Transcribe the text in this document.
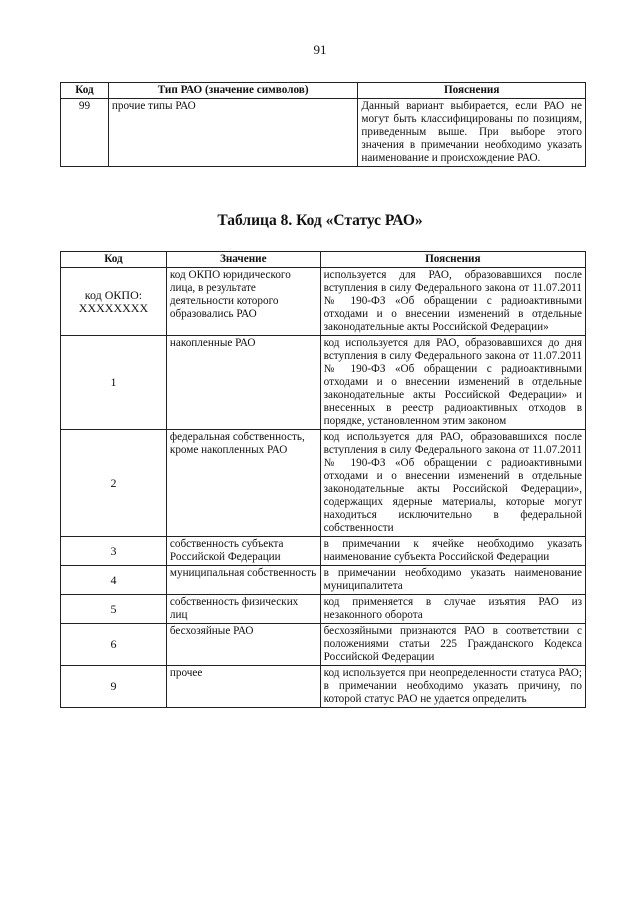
91
Код	Тип РАО (значение символов)	Пояснения
99	прочие типы РАО	Данный вариант выбирается, если РАО не могут быть классифицированы по позициям, приведенным выше. При выборе этого значения в примечании необходимо указать наименование и происхождение РАО.
Таблица 8. Код «Статус РАО»
Код	Значение	Пояснения
код ОКПО: ХХХХХХХХ	код ОКПО юридического лица, в результате деятельности которого образовались РАО	используется для РАО, образовавшихся после вступления в силу Федерального закона от 11.07.2011 № 190-ФЗ «Об обращении с радиоактивными отходами и о внесении изменений в отдельные законодательные акты Российской Федерации»
1	накопленные РАО	код используется для РАО, образовавшихся до дня вступления в силу Федерального закона от 11.07.2011 № 190-ФЗ «Об обращении с радиоактивными отходами и о внесении изменений в отдельные законодательные акты Российской Федерации» и внесенных в реестр радиоактивных отходов в порядке, установленном этим законом
2	федеральная собственность, кроме накопленных РАО	код используется для РАО, образовавшихся после вступления в силу Федерального закона от 11.07.2011 № 190-ФЗ «Об обращении с радиоактивными отходами и о внесении изменений в отдельные законодательные акты Российской Федерации», содержащих ядерные материалы, которые могут находиться исключительно в федеральной собственности
3	собственность субъекта Российской Федерации	в примечании к ячейке необходимо указать наименование субъекта Российской Федерации
4	муниципальная собственность	в примечании необходимо указать наименование муниципалитета
5	собственность физических лиц	код применяется в случае изъятия РАО из незаконного оборота
6	бесхозяйные РАО	бесхозяйными признаются РАО в соответствии с положениями статьи 225 Гражданского Кодекса Российской Федерации
9	прочее	код используется при неопределенности статуса РАО; в примечании необходимо указать причину, по которой статус РАО не удается определить
